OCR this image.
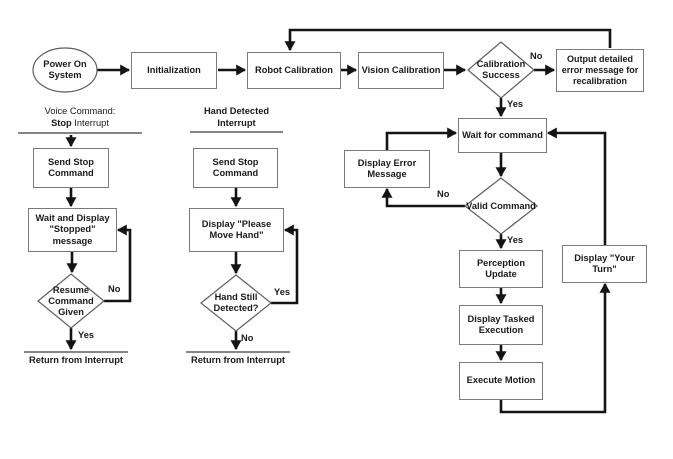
Initialization	Robot Calibration	Vision Calibration
Output detailed error message for recalibration
Wait for command
Display Error Message
Perception Update
Display Tasked Execution
Execute Motion
Display "Your Turn"
Voice Command:
Stop Interrupt
Send Stop Command
Wait and Display "Stopped" message
Resume Command Given
Return from Interrupt
Hand Detected Interrupt
Send Stop Command
Display "Please Move Hand"
Hand Still Detected?
Return from Interrupt
Power On System
Calibration Success
Valid Command
No
Yes
No
Yes
Yes
No
No
Yes
